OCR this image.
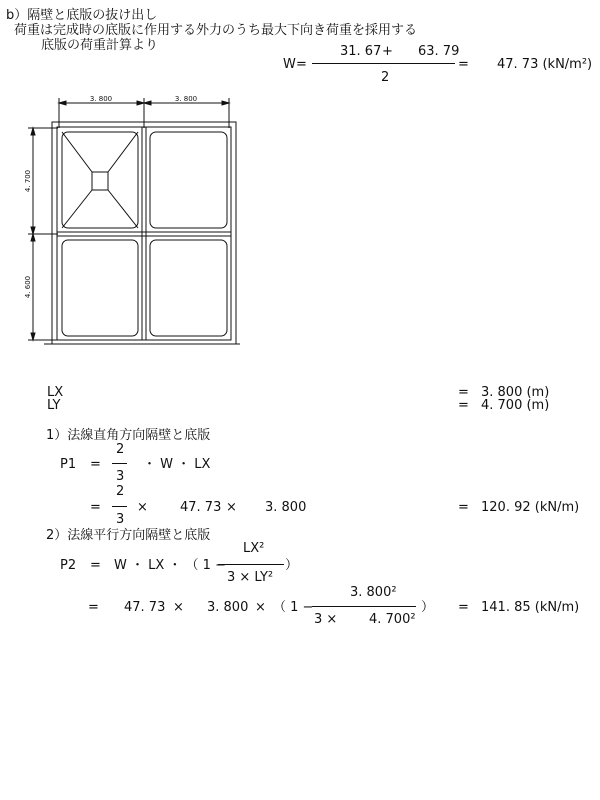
b）隔壁と底版の抜け出し
荷重は完成時の底版に作用する外力のうち最大下向き荷重を採用する
底版の荷重計算より
W =
31. 67 + 63. 79
2
= 47. 73 (kN/m²)
3. 800	3. 800
4. 700
4. 600
LX
LY
=
=
3. 800 (m)
4. 700 (m)
1）法線直角方向隔壁と底版
P1 =
2
3
・ W ・ LX
=
2
3
× 47. 73 × 3. 800	= 120. 92 (kN/m)
2）法線平行方向隔壁と底版
P2 = W ・ LX ・ （ 1 −
LX²
3 × LY²
）
= 47. 73 × 3. 800 × （ 1 −
3. 800²
3 × 4. 700²
） = 141. 85 (kN/m)
